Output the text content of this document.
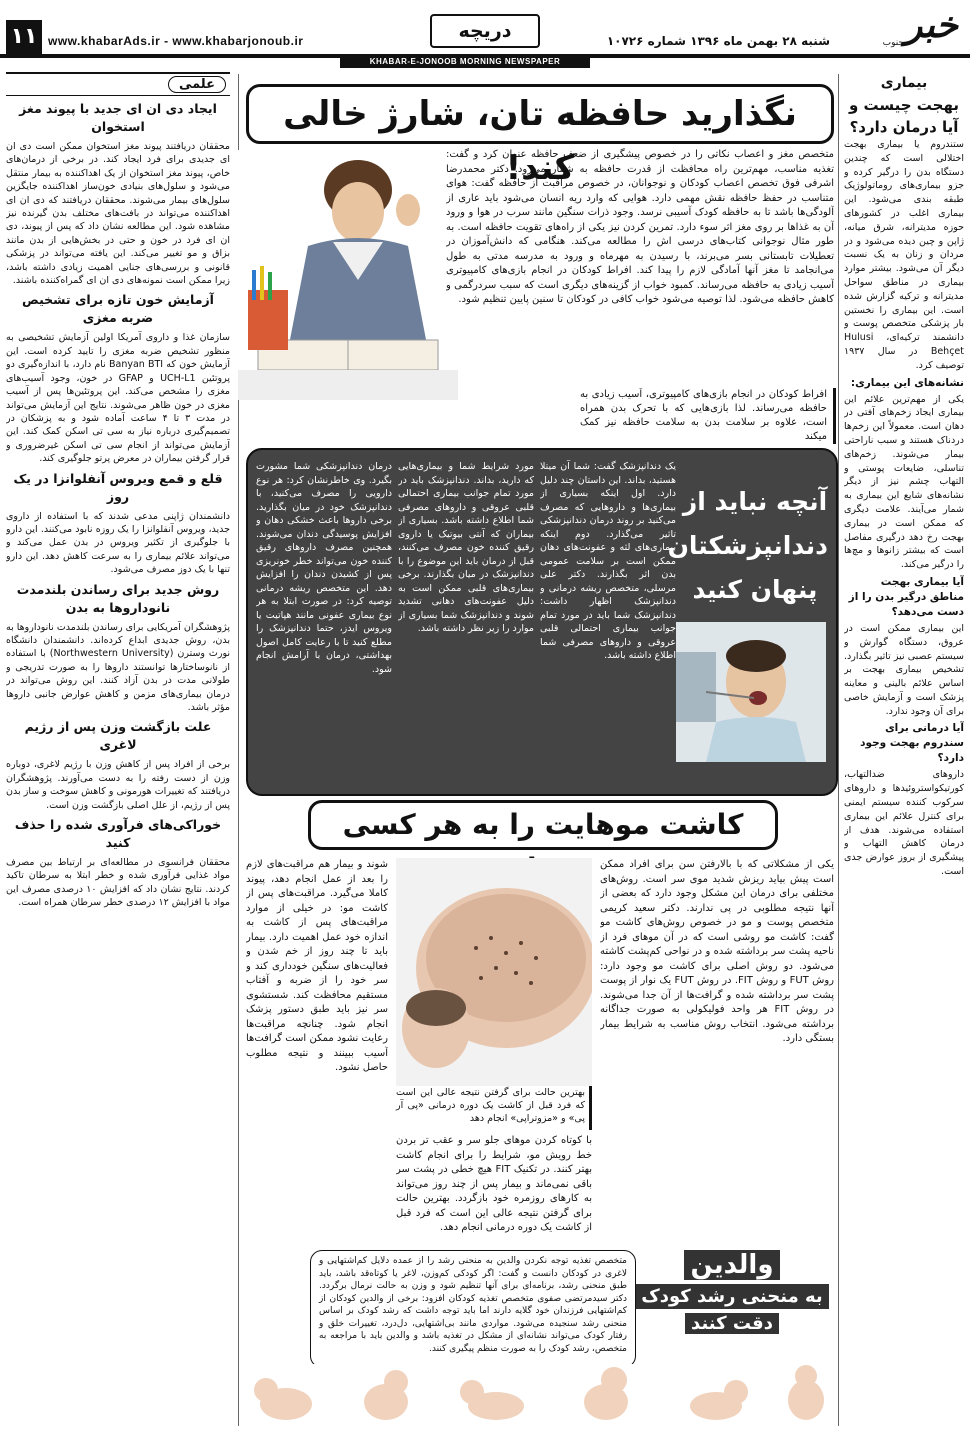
۱۱ www.khabarAds.ir - www.khabarjonoub.ir	دریچه	شنبه ۲۸ بهمن ماه ۱۳۹۶ شماره ۱۰۷۲۶ خبر
جنوب
KHABAR-E-JONOOB MORNING NEWSPAPER
بیماری
بهجت چیست و آیا درمان دارد؟

ستندروم یا بیماری بهجت اختلالی است که چندین دستگاه بدن را درگیر کرده و جزو بیماری‌های روماتولوژیک طبقه بندی می‌شود. این بیماری اغلب در کشورهای حوزه مدیترانه، شرق میانه، ژاپن و چین دیده می‌شود و در مردان و زنان به یک نسبت دیگر آن می‌شود. بیشتر موارد بیماری در مناطق سواحل مدیترانه و ترکیه گزارش شده است. این بیماری را نخستین بار پزشکی متخصص پوست و دانشمند ترکیه‌ای، Hulusi Behçet در سال ۱۹۳۷ توصیف کرد.

نشانه‌های این بیماری:

یکی از مهم‌ترین علائم این بیماری ایجاد زخم‌های آفتی در دهان است. معمولاً این زخم‌ها دردناک هستند و سبب ناراحتی بیمار می‌شوند. زخم‌های تناسلی، ضایعات پوستی و التهاب چشم نیز از دیگر نشانه‌های شایع این بیماری به شمار می‌آیند. علامت دیگری که ممکن است در بیماری بهجت رخ دهد درگیری مفاصل است که بیشتر زانوها و مچ‌ها را درگیر می‌کند.

آیا بیماری بهجت مناطق درگیر بدن را از دست می‌دهد؟

این بیماری ممکن است در عروق، دستگاه گوارش و سیستم عصبی نیز تاثیر بگذارد. تشخیص بیماری بهجت بر اساس علائم بالینی و معاینه پزشک است و آزمایش خاصی برای آن وجود ندارد.

آیا درمانی برای سندروم بهجت وجود دارد؟

داروهای ضدالتهاب، کورتیکواستروئیدها و داروهای سرکوب کننده سیستم ایمنی برای کنترل علائم این بیماری استفاده می‌شوند. هدف از درمان کاهش التهاب و پیشگیری از بروز عوارض جدی است.

علمی
ایجاد دی ان ای جدید با پیوند مغز استخوان

محققان دریافتند پیوند مغز استخوان ممکن است دی ان ای جدیدی برای فرد ایجاد کند. در برخی از درمان‌های خاص، پیوند مغز استخوان از یک اهداکننده به بیمار منتقل می‌شود و سلول‌های بنیادی خون‌ساز اهداکننده جایگزین سلول‌های بیمار می‌شوند. محققان دریافتند که دی ان ای اهداکننده می‌تواند در بافت‌های مختلف بدن گیرنده نیز مشاهده شود. این مطالعه نشان داد که پس از پیوند، دی ان ای فرد در خون و حتی در بخش‌هایی از بدن مانند بزاق و مو تغییر می‌کند. این یافته می‌تواند در پزشکی قانونی و بررسی‌های جنایی اهمیت زیادی داشته باشد، زیرا ممکن است نمونه‌های دی ان ای گمراه‌کننده باشند.

آزمایش خون تازه برای تشخیص ضربه مغزی

سازمان غذا و داروی آمریکا اولین آزمایش تشخیصی به منظور تشخیص ضربه مغزی را تایید کرده است. این آزمایش خون که Banyan BTI نام دارد، با اندازه‌گیری دو پروتئین UCH-L1 و GFAP در خون، وجود آسیب‌های مغزی را مشخص می‌کند. این پروتئین‌ها پس از آسیب مغزی در خون ظاهر می‌شوند. نتایج این آزمایش می‌تواند در مدت ۳ تا ۴ ساعت آماده شود و به پزشکان در تصمیم‌گیری درباره نیاز به سی تی اسکن کمک کند. این آزمایش می‌تواند از انجام سی تی اسکن غیرضروری و قرار گرفتن بیماران در معرض پرتو جلوگیری کند.

قلع و قمع ویروس آنفلوانزا در یک روز

دانشمندان ژاپنی مدعی شدند که با استفاده از داروی جدید، ویروس آنفلوانزا را یک روزه نابود می‌کنند. این دارو با جلوگیری از تکثیر ویروس در بدن عمل می‌کند و می‌تواند علائم بیماری را به سرعت کاهش دهد. این دارو تنها با یک دوز مصرف می‌شود.

روش جدید برای رساندن بلندمدت نانوداروها به بدن

پژوهشگران آمریکایی برای رساندن بلندمدت نانوداروها به بدن، روش جدیدی ابداع کرده‌اند. دانشمندان دانشگاه نورث وسترن (Northwestern University) با استفاده از نانوساختارها توانستند داروها را به صورت تدریجی و طولانی مدت در بدن آزاد کنند. این روش می‌تواند در درمان بیماری‌های مزمن و کاهش عوارض جانبی داروها مؤثر باشد.

علت بازگشت وزن پس از رژیم لاغری

برخی از افراد پس از کاهش وزن با رژیم لاغری، دوباره وزن از دست رفته را به دست می‌آورند. پژوهشگران دریافتند که تغییرات هورمونی و کاهش سوخت و ساز بدن پس از رژیم، از علل اصلی بازگشت وزن است.

خوراکی‌های فرآوری شده را حذف کنید

محققان فرانسوی در مطالعه‌ای بر ارتباط بین مصرف مواد غذایی فرآوری شده و خطر ابتلا به سرطان تاکید کردند. نتایج نشان داد که افزایش ۱۰ درصدی مصرف این مواد با افزایش ۱۲ درصدی خطر سرطان همراه است.

نگذارید حافظه تان، شارژ خالی کند!
متخصص مغز و اعصاب نکاتی را در خصوص پیشگیری از ضعف حافظه عنوان کرد و گفت: تغذیه مناسب، مهم‌ترین راه محافظت از قدرت حافظه به شمار می‌رود. دکتر محمدرضا اشرفی فوق تخصص اعصاب کودکان و نوجوانان، در خصوص مراقبت از حافظه گفت: هوای متناسب در حفظ حافظه نقش مهمی دارد. هوایی که وارد ریه انسان می‌شود باید عاری از آلودگی‌ها باشد تا به حافظه کودک آسیبی نرسد. وجود ذرات سنگین مانند سرب در هوا و ورود آن به غذاها بر روی مغز اثر سوء دارد. تمرین کردن نیز یکی از راه‌های تقویت حافظه است. به طور مثال نوجوانی کتاب‌های درسی اش را مطالعه می‌کند. هنگامی که دانش‌آموزان در تعطیلات تابستانی بسر می‌برند، با رسیدن به مهرماه و ورود به مدرسه مدتی به طول می‌انجامد تا مغز آنها آمادگی لازم را پیدا کند. افراط کودکان در انجام بازی‌های کامپیوتری آسیب زیادی به حافظه می‌رساند. کمبود خواب از گزینه‌های دیگری است که سبب سردرگمی و کاهش حافظه می‌شود. لذا توصیه می‌شود خواب کافی در کودکان تا سنین پایین تنظیم شود.
افراط کودکان در انجام بازی‌های کامپیوتری، آسیب زیادی به حافظه می‌رساند. لذا بازی‌هایی که با تحرک بدن همراه است، علاوه بر سلامت بدن به سلامت حافظه نیز کمک میکند
آنچه نباید از دندانپزشکتان پنهان کنید
یک دندانپزشک گفت: شما آن میتلا هستید، بداند. این داستان چند دلیل دارد. اول اینکه بسیاری از بیماری‌ها و داروهایی که مصرف می‌کنید بر روند درمان دندانپزشکی تاثیر می‌گذارد. دوم اینکه بیماری‌های لثه و عفونت‌های دهان ممکن است بر سلامت عمومی بدن اثر بگذارند. دکتر علی مرسلی، متخصص ریشه درمانی و دندانپزشک اظهار داشت: دندانپزشک شما باید در مورد تمام جوانب بیماری احتمالی قلبی عروقی و داروهای مصرفی شما اطلاع داشته باشد.
مورد شرایط شما و بیماری‌هایی که دارید، بداند. دندانپزشک باید در مورد تمام جوانب بیماری احتمالی قلبی عروقی و داروهای مصرفی شما اطلاع داشته باشد. بسیاری از بیماران که آنتی بیوتیک یا داروی رقیق کننده خون مصرف می‌کنند، قبل از درمان باید این موضوع را با دندانپزشک در میان بگذارند. برخی بیماری‌های قلبی ممکن است به دلیل عفونت‌های دهانی تشدید شوند و دندانپزشک شما بسیاری از موارد را زیر نظر داشته باشد.
درمان دندانپزشکی شما مشورت بگیرد. وی خاطرنشان کرد: هر نوع دارویی را مصرف می‌کنید، با دندانپزشک خود در میان بگذارید. برخی داروها باعث خشکی دهان و افزایش پوسیدگی دندان می‌شوند. همچنین مصرف داروهای رقیق کننده خون می‌تواند خطر خونریزی پس از کشیدن دندان را افزایش دهد. این متخصص ریشه درمانی توصیه کرد: در صورت ابتلا به هر نوع بیماری عفونی مانند هپاتیت یا ویروس ایدز، حتما دندانپزشک را مطلع کنید تا با رعایت کامل اصول بهداشتی، درمان با آرامش انجام شود.
کاشت موهایت را به هر کسی
یکی از مشکلاتی که با بالارفتن سن برای افراد ممکن است پیش بیاید ریزش شدید موی سر است. روش‌های مختلفی برای درمان این مشکل وجود دارد که بعضی از آنها نتیجه مطلوبی در پی ندارند. دکتر سعید کریمی متخصص پوست و مو در خصوص روش‌های کاشت مو گفت: کاشت مو روشی است که در آن موهای فرد از ناحیه پشت سر برداشته شده و در نواحی کم‌پشت کاشته می‌شود. دو روش اصلی برای کاشت مو وجود دارد: روش FUT و روش FIT. در روش FUT یک نوار از پوست پشت سر برداشته شده و گرافت‌ها از آن جدا می‌شوند. در روش FIT هر واحد فولیکولی به صورت جداگانه برداشته می‌شود. انتخاب روش مناسب به شرایط بیمار بستگی دارد.
بهترین حالت برای گرفتن نتیجه عالی این است که فرد قبل از کاشت یک دوره درمانی «پی آر پی» و «مزوتراپی» انجام دهد
با کوتاه کردن موهای جلو سر و عقب تر بردن خط رویش مو، شرایط را برای انجام کاشت بهتر کنند. در تکنیک FIT هیچ خطی در پشت سر باقی نمی‌ماند و بیمار پس از چند روز می‌تواند به کارهای روزمره خود بازگردد. بهترین حالت برای گرفتن نتیجه عالی این است که فرد قبل از کاشت یک دوره درمانی انجام دهد.
شوند و بیمار هم مراقبت‌های لازم را بعد از عمل انجام دهد، پیوند کاملا می‌گیرد. مراقبت‌های پس از کاشت مو: در خیلی از موارد مراقبت‌های پس از کاشت به اندازه خود عمل اهمیت دارد. بیمار باید تا چند روز از خم شدن و فعالیت‌های سنگین خودداری کند و سر خود را از ضربه و آفتاب مستقیم محافظت کند. شستشوی سر نیز باید طبق دستور پزشک انجام شود. چنانچه مراقبت‌ها رعایت نشود ممکن است گرافت‌ها آسیب ببینند و نتیجه مطلوب حاصل نشود.
والدین
به منحنی رشد کودک
دقت کنند
متخصص تغذیه توجه نکردن والدین به منحنی رشد را از عمده دلایل کم‌اشتهایی و لاغری در کودکان دانست و گفت: اگر کودکی کم‌وزن، لاغر یا کوتاه‌قد باشد، باید طبق منحنی رشد، برنامه‌ای برای آنها تنظیم شود و وزن به حالت نرمال برگردد. دکتر سیدمرتضی صفوی متخصص تغذیه کودکان افزود: برخی از والدین کودکان از کم‌اشتهایی فرزندان خود گلایه دارند اما باید توجه داشت که رشد کودک بر اساس منحنی رشد سنجیده می‌شود. مواردی مانند بی‌اشتهایی، دل‌درد، تغییرات خلق و رفتار کودک می‌تواند نشانه‌ای از مشکل در تغذیه باشد و والدین باید با مراجعه به متخصص، رشد کودک را به صورت منظم پیگیری کنند.
